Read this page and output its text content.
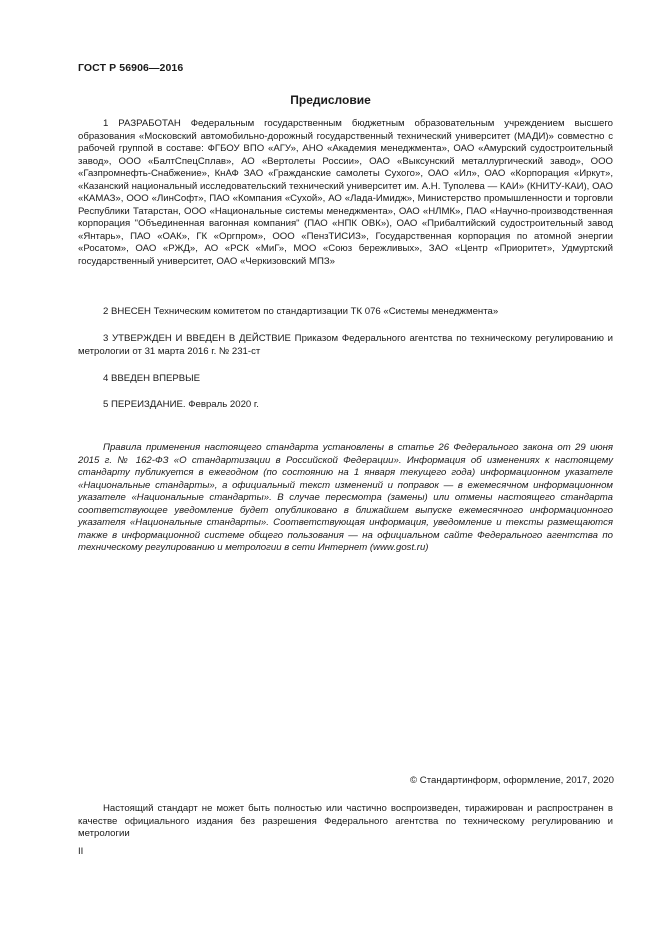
ГОСТ Р 56906—2016
Предисловие

1 РАЗРАБОТАН Федеральным государственным бюджетным образовательным учреждением высшего образования «Московский автомобильно-дорожный государственный технический университет (МАДИ)» совместно с рабочей группой в составе: ФГБОУ ВПО «АГУ», АНО «Академия менеджмента», ОАО «Амурский судостроительный завод», ООО «БалтСпецСплав», АО «Вертолеты России», ОАО «Выксунский металлургический завод», ООО «Газпромнефть-Снабжение», КнАФ ЗАО «Гражданские самолеты Сухого», ОАО «Ил», ОАО «Корпорация «Иркут», «Казанский национальный исследовательский технический университет им. А.Н. Туполева — КАИ» (КНИТУ-КАИ), ОАО «КАМАЗ», ООО «ЛинСофт», ПАО «Компания «Сухой», АО «Лада-Имидж», Министерство промышленности и торговли Республики Татарстан, ООО «Национальные системы менеджмента», ОАО «НЛМК», ПАО «Научно-производственная корпорация "Объединенная вагонная компания" (ПАО «НПК ОВК»), ОАО «Прибалтийский судостроительный завод «Янтарь», ПАО «ОАК», ГК «Оргпром», ООО «ПензТИСИЗ», Государственная корпорация по атомной энергии «Росатом», ОАО «РЖД», АО «РСК «МиГ», МОО «Союз бережливых», ЗАО «Центр «Приоритет», Удмуртский государственный университет, ОАО «Черкизовский МПЗ»

2 ВНЕСЕН Техническим комитетом по стандартизации ТК 076 «Системы менеджмента»

3 УТВЕРЖДЕН И ВВЕДЕН В ДЕЙСТВИЕ Приказом Федерального агентства по техническому регулированию и метрологии от 31 марта 2016 г. № 231-ст

4 ВВЕДЕН ВПЕРВЫЕ

5 ПЕРЕИЗДАНИЕ. Февраль 2020 г.

Правила применения настоящего стандарта установлены в статье 26 Федерального закона от 29 июня 2015 г. № 162-ФЗ «О стандартизации в Российской Федерации». Информация об изменениях к настоящему стандарту публикуется в ежегодном (по состоянию на 1 января текущего года) информационном указателе «Национальные стандарты», а официальный текст изменений и поправок — в ежемесячном информационном указателе «Национальные стандарты». В случае пересмотра (замены) или отмены настоящего стандарта соответствующее уведомление будет опубликовано в ближайшем выпуске ежемесячного информационного указателя «Национальные стандарты». Соответствующая информация, уведомление и тексты размещаются также в информационной системе общего пользования — на официальном сайте Федерального агентства по техническому регулированию и метрологии в сети Интернет (www.gost.ru)

© Стандартинформ, оформление, 2017, 2020

Настоящий стандарт не может быть полностью или частично воспроизведен, тиражирован и распространен в качестве официального издания без разрешения Федерального агентства по техническому регулированию и метрологии

II
